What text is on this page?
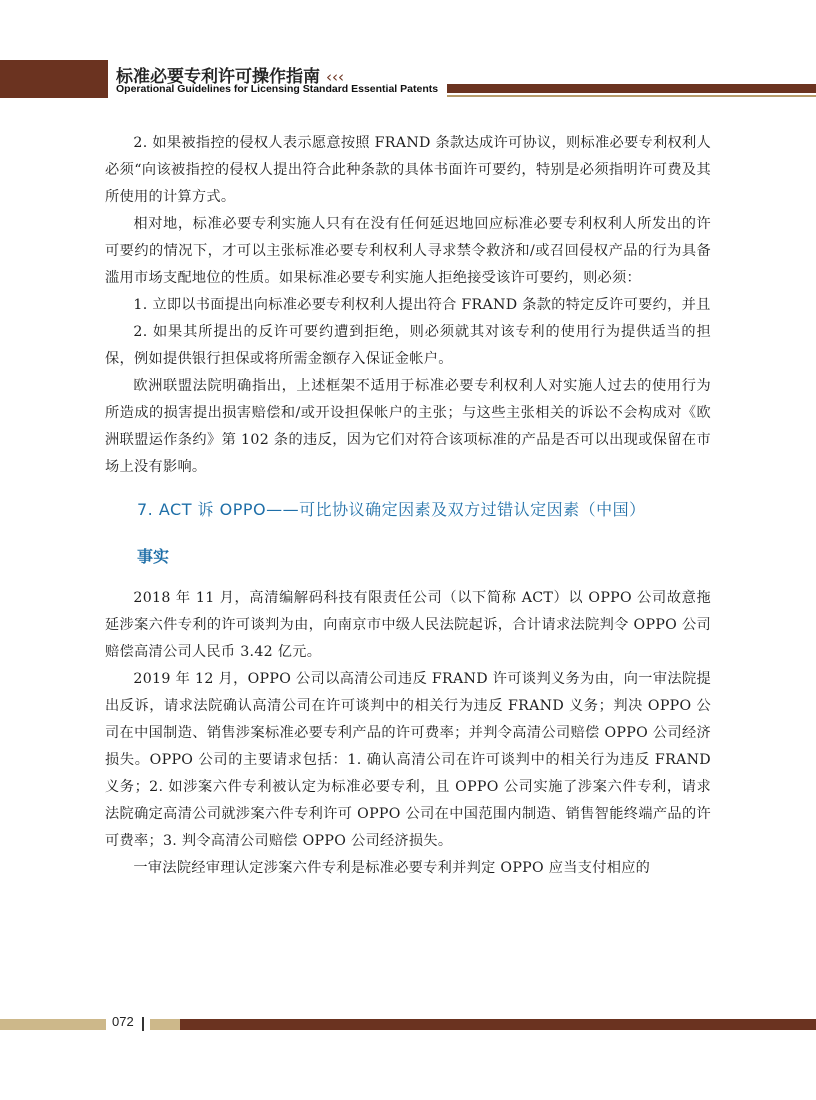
标准必要专利许可操作指南 ‹‹‹
Operational Guidelines for Licensing Standard Essential Patents

2. 如果被指控的侵权人表示愿意按照 FRAND 条款达成许可协议，则标准必要专利权利人必须“向该被指控的侵权人提出符合此种条款的具体书面许可要约，特别是必须指明许可费及其所使用的计算方式。

相对地，标准必要专利实施人只有在没有任何延迟地回应标准必要专利权利人所发出的许可要约的情况下，才可以主张标准必要专利权利人寻求禁令救济和/或召回侵权产品的行为具备滥用市场支配地位的性质。如果标准必要专利实施人拒绝接受该许可要约，则必须：

1. 立即以书面提出向标准必要专利权利人提出符合 FRAND 条款的特定反许可要约，并且

2. 如果其所提出的反许可要约遭到拒绝，则必须就其对该专利的使用行为提供适当的担保，例如提供银行担保或将所需金额存入保证金帐户。

欧洲联盟法院明确指出，上述框架不适用于标准必要专利权利人对实施人过去的使用行为所造成的损害提出损害赔偿和/或开设担保帐户的主张；与这些主张相关的诉讼不会构成对《欧洲联盟运作条约》第 102 条的违反，因为它们对符合该项标准的产品是否可以出现或保留在市场上没有影响。

7. ACT 诉 OPPO——可比协议确定因素及双方过错认定因素（中国）
事实

2018 年 11 月，高清编解码科技有限责任公司（以下简称 ACT）以 OPPO 公司故意拖延涉案六件专利的许可谈判为由，向南京市中级人民法院起诉，合计请求法院判令 OPPO 公司赔偿高清公司人民币 3.42 亿元。

2019 年 12 月，OPPO 公司以高清公司违反 FRAND 许可谈判义务为由，向一审法院提出反诉，请求法院确认高清公司在许可谈判中的相关行为违反 FRAND 义务；判决 OPPO 公司在中国制造、销售涉案标准必要专利产品的许可费率；并判令高清公司赔偿 OPPO 公司经济损失。OPPO 公司的主要请求包括：1. 确认高清公司在许可谈判中的相关行为违反 FRAND 义务；2. 如涉案六件专利被认定为标准必要专利，且 OPPO 公司实施了涉案六件专利，请求法院确定高清公司就涉案六件专利许可 OPPO 公司在中国范围内制造、销售智能终端产品的许可费率；3. 判令高清公司赔偿 OPPO 公司经济损失。

一审法院经审理认定涉案六件专利是标准必要专利并判定 OPPO 应当支付相应的

072
